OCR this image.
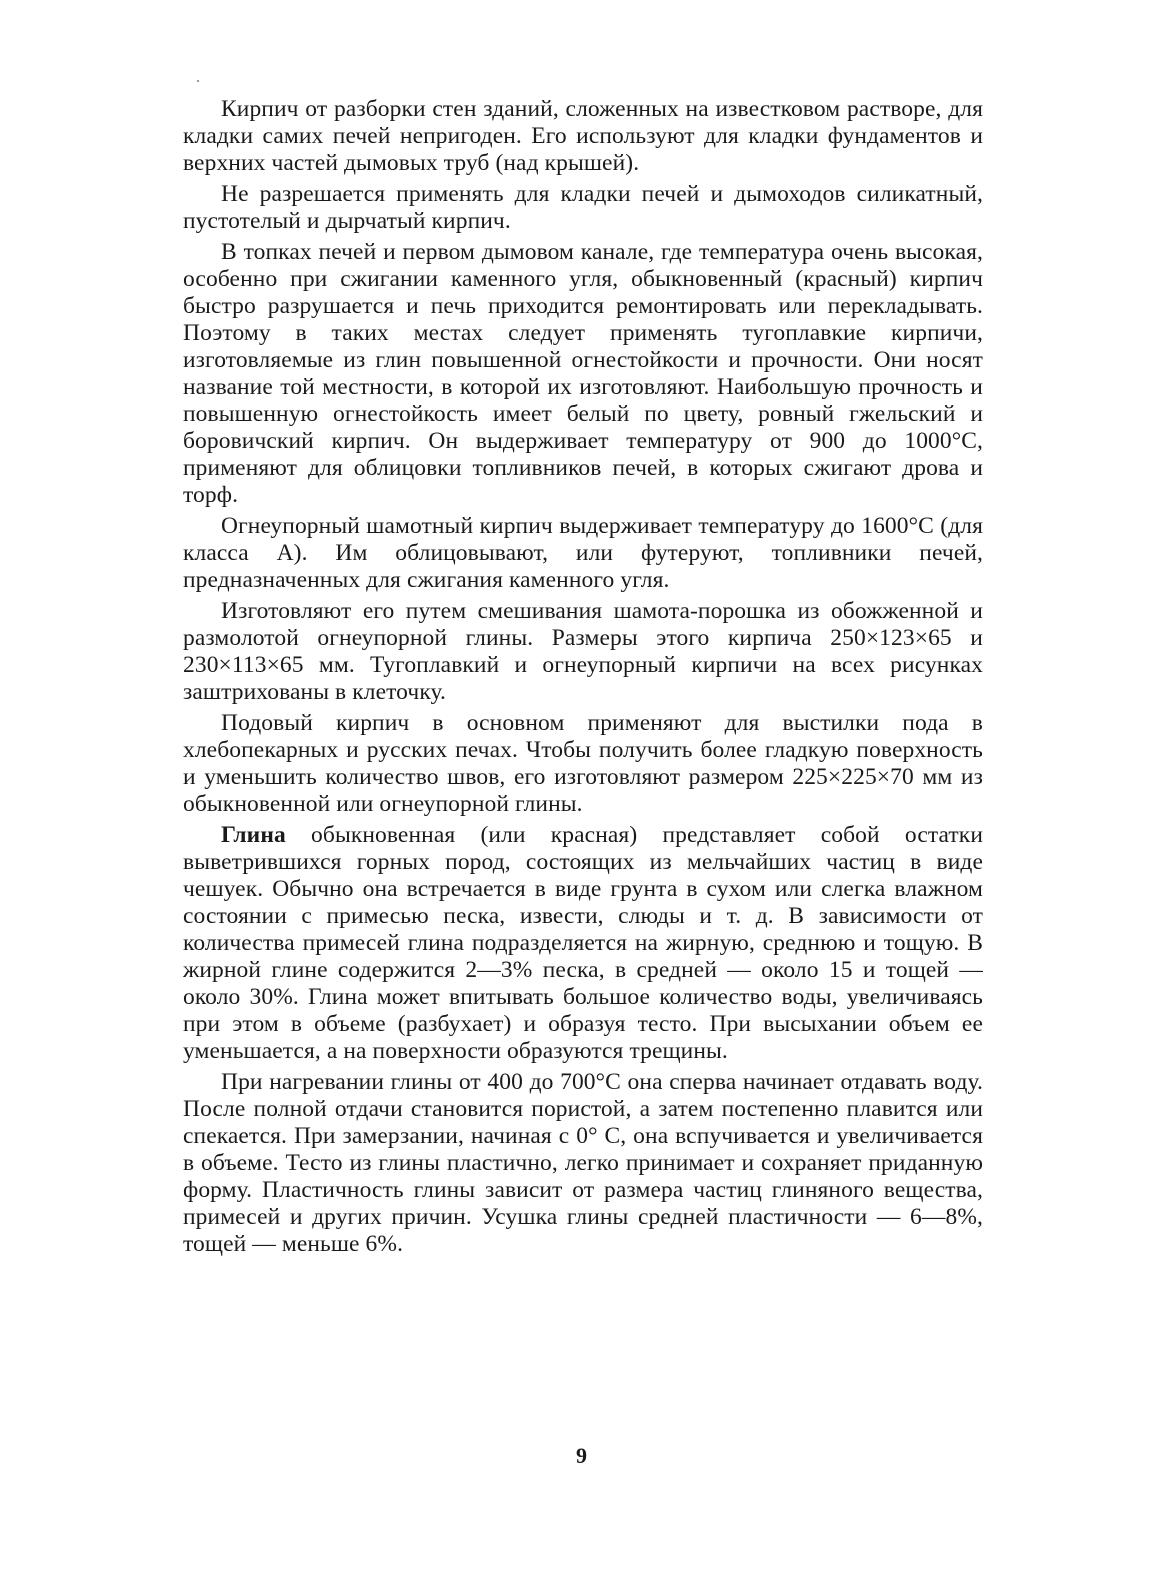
Кирпич от разборки стен зданий, сложенных на известковом растворе, для кладки самих печей непригоден. Его используют для кладки фундаментов и верхних частей дымовых труб (над крышей).

Не разрешается применять для кладки печей и дымоходов силикатный, пустотелый и дырчатый кирпич.

В топках печей и первом дымовом канале, где температура очень высокая, особенно при сжигании каменного угля, обыкновенный (красный) кирпич быстро разрушается и печь приходится ремонтировать или перекладывать. Поэтому в таких местах следует применять тугоплавкие кирпичи, изготовляемые из глин повышенной огнестойкости и прочности. Они носят название той местности, в которой их изготовляют. Наибольшую прочность и повышенную огнестойкость имеет белый по цвету, ровный гжельский и боровичский кирпич. Он выдерживает температуру от 900 до 1000°С, применяют для облицовки топливников печей, в которых сжигают дрова и торф.

Огнеупорный шамотный кирпич выдерживает температуру до 1600°С (для класса А). Им облицовывают, или футеруют, топливники печей, предназначенных для сжигания каменного угля.

Изготовляют его путем смешивания шамота-порошка из обожженной и размолотой огнеупорной глины. Размеры этого кирпича 250×123×65 и 230×113×65 мм. Тугоплавкий и огнеупорный кирпичи на всех рисунках заштрихованы в клеточку.

Подовый кирпич в основном применяют для выстилки пода в хлебопекарных и русских печах. Чтобы получить более гладкую поверхность и уменьшить количество швов, его изготовляют размером 225×225×70 мм из обыкновенной или огнеупорной глины.

Глина обыкновенная (или красная) представляет собой остатки выветрившихся горных пород, состоящих из мельчайших частиц в виде чешуек. Обычно она встречается в виде грунта в сухом или слегка влажном состоянии с примесью песка, извести, слюды и т. д. В зависимости от количества примесей глина подразделяется на жирную, среднюю и тощую. В жирной глине содержится 2—3% песка, в средней — около 15 и тощей — около 30%. Глина может впитывать большое количество воды, увеличиваясь при этом в объеме (разбухает) и образуя тесто. При высыхании объем ее уменьшается, а на поверхности образуются трещины.

При нагревании глины от 400 до 700°С она сперва начинает отдавать воду. После полной отдачи становится пористой, а затем постепенно плавится или спекается. При замерзании, начиная с 0° С, она вспучивается и увеличивается в объеме. Тесто из глины пластично, легко принимает и сохраняет приданную форму. Пластичность глины зависит от размера частиц глиняного вещества, примесей и других причин. Усушка глины средней пластичности — 6—8%, тощей — меньше 6%.

9
